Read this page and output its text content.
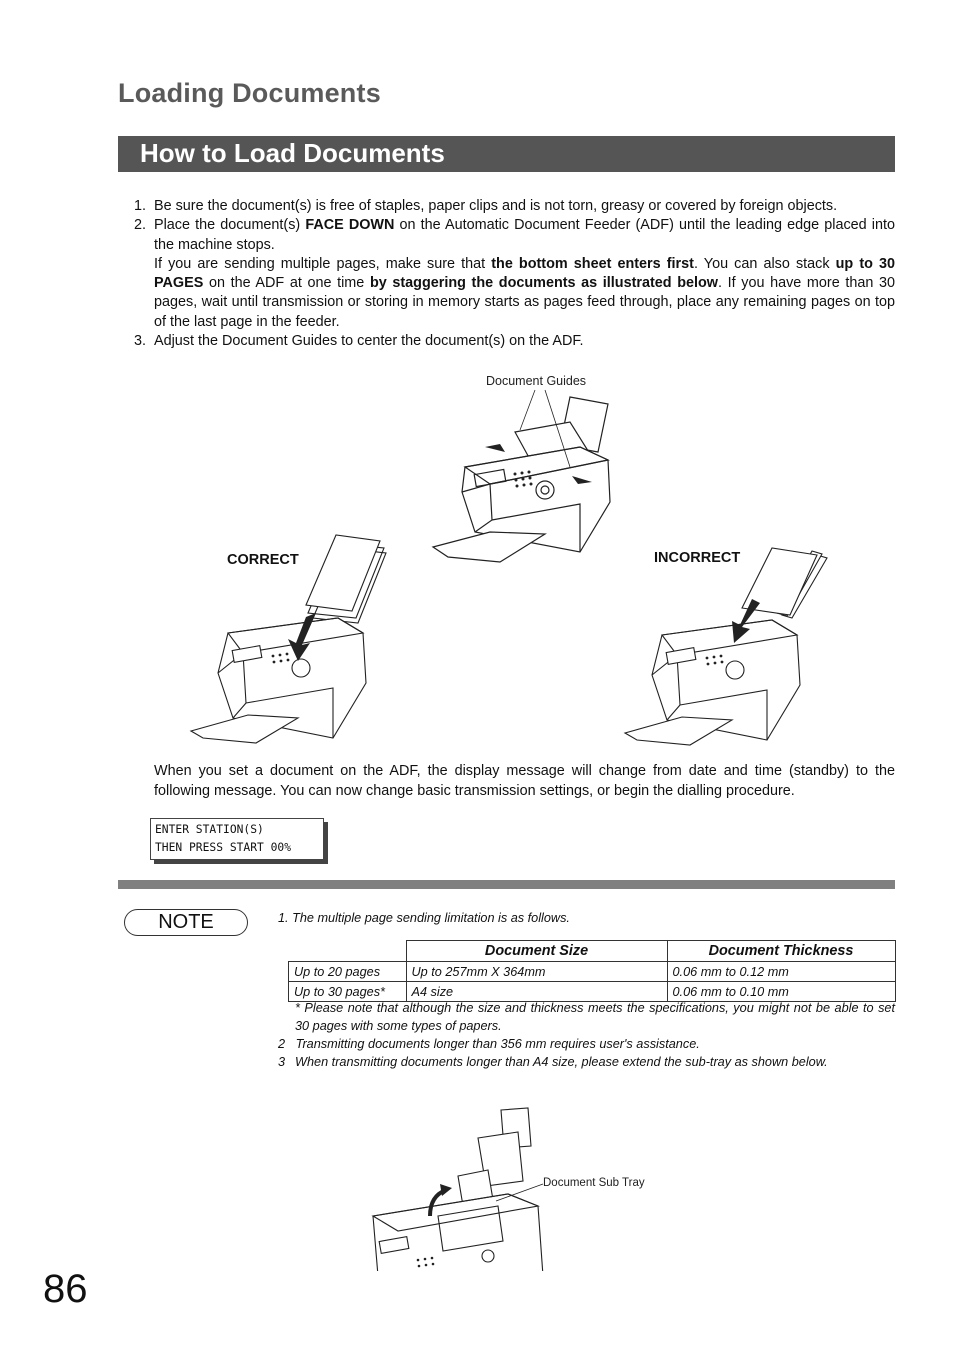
Loading Documents
How to Load Documents
1. Be sure the document(s) is free of staples, paper clips and is not torn, greasy or covered by foreign objects.
2. Place the document(s) FACE DOWN on the Automatic Document Feeder (ADF) until the leading edge placed into the machine stops.
If you are sending multiple pages, make sure that the bottom sheet enters first. You can also stack up to 30 PAGES on the ADF at one time by staggering the documents as illustrated below. If you have more than 30 pages, wait until transmission or storing in memory starts as pages feed through, place any remaining pages on top of the last page in the feeder.
3. Adjust the Document Guides to center the document(s) on the ADF.
Document Guides
CORRECT	INCORRECT
When you set a document on the ADF, the display message will change from date and time (standby) to the following message. You can now change basic transmission settings, or begin the dialling procedure.
ENTER STATION(S)
THEN PRESS START 00%
NOTE	1. The multiple page sending limitation is as follows.
	Document Size	Document Thickness
Up to 20 pages	Up to 257mm X 364mm	0.06 mm to 0.12 mm
Up to 30 pages*	A4 size	0.06 mm to 0.10 mm
* Please note that although the size and thickness meets the specifications, you might not be able to set 30 pages with some types of papers.
2   Transmitting documents longer than 356 mm requires user's assistance.
3 When transmitting documents longer than A4 size, please extend the sub-tray as shown below.
Document Sub Tray
86
